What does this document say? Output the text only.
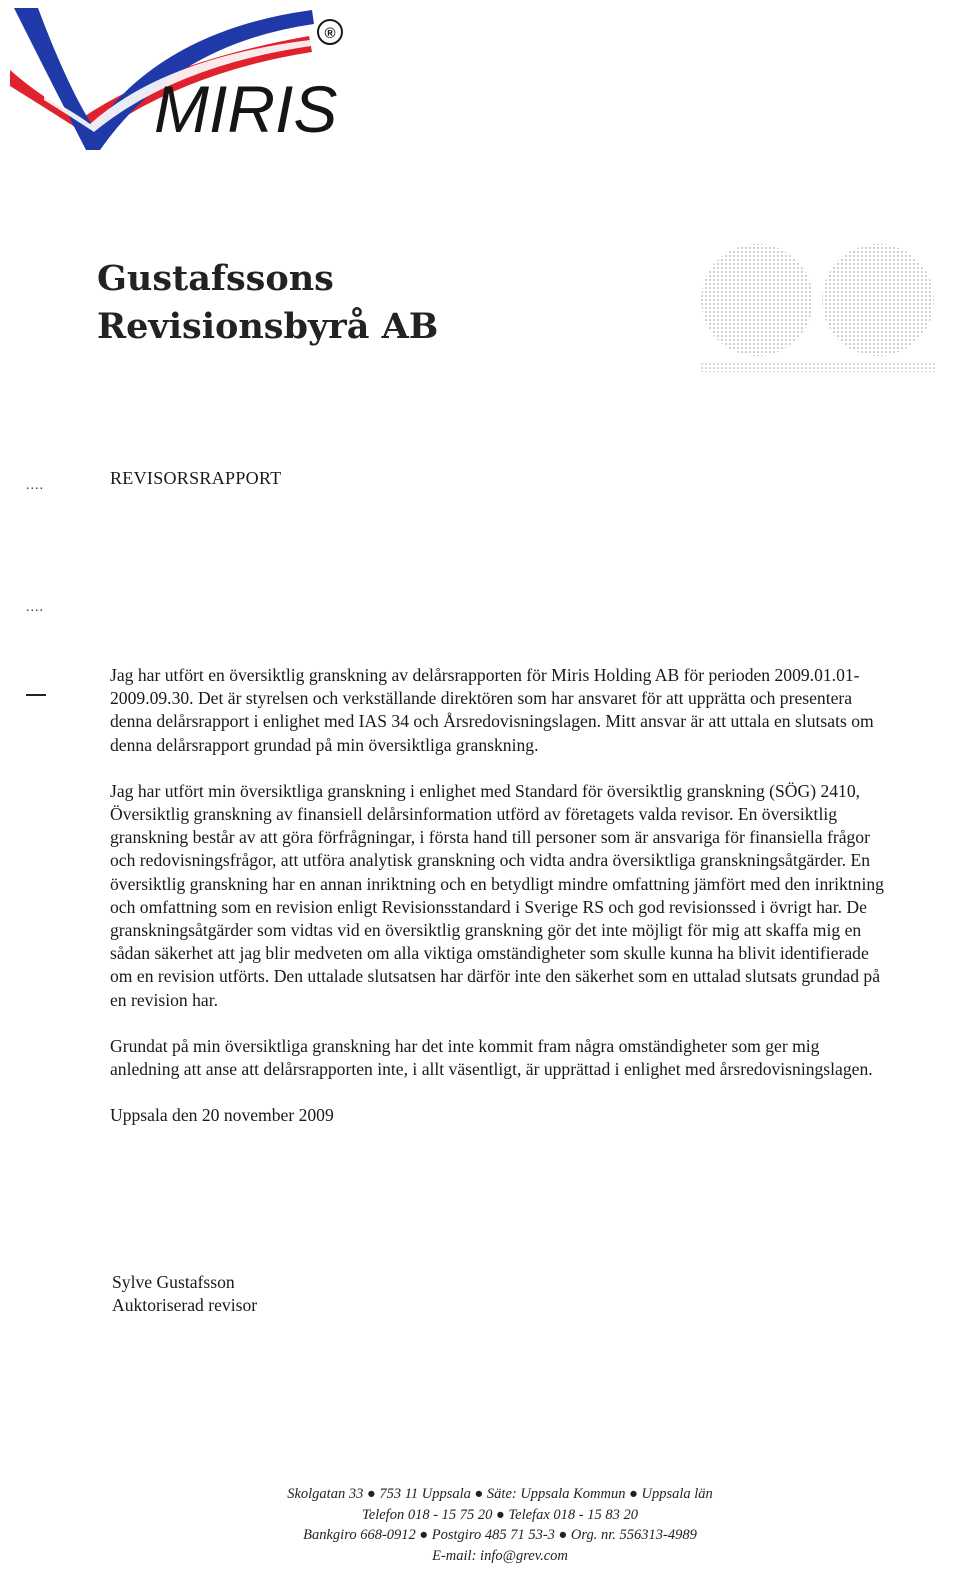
®
MIRIS
Gustafssons
Revisionsbyrå AB
....
....
REVISORSRAPPORT

Jag har utfört en översiktlig granskning av delårsrapporten för Miris Holding AB för perioden 2009.01.01-2009.09.30. Det är styrelsen och verkställande direktören som har ansvaret för att upprätta och presentera denna delårsrapport i enlighet med IAS 34 och Årsredovisningslagen. Mitt ansvar är att uttala en slutsats om denna delårsrapport grundad på min översiktliga granskning.

Jag har utfört min översiktliga granskning i enlighet med Standard för översiktlig granskning (SÖG) 2410, Översiktlig granskning av finansiell delårsinformation utförd av företagets valda revisor. En översiktlig granskning består av att göra förfrågningar, i första hand till personer som är ansvariga för finansiella frågor och redovisningsfrågor, att utföra analytisk granskning och vidta andra översiktliga granskningsåtgärder. En översiktlig granskning har en annan inriktning och en betydligt mindre omfattning jämfört med den inriktning och omfattning som en revision enligt Revisionsstandard i Sverige RS och god revisionssed i övrigt har. De granskningsåtgärder som vidtas vid en översiktlig granskning gör det inte möjligt för mig att skaffa mig en sådan säkerhet att jag blir medveten om alla viktiga omständigheter som skulle kunna ha blivit identifierade om en revision utförts. Den uttalade slutsatsen har därför inte den säkerhet som en uttalad slutsats grundad på en revision har.

Grundat på min översiktliga granskning har det inte kommit fram några omständigheter som ger mig anledning att anse att delårsrapporten inte, i allt väsentligt, är upprättad i enlighet med årsredovisningslagen.

Uppsala den 20 november 2009

Sylve Gustafsson
Auktoriserad revisor
Skolgatan 33 ● 753 11 Uppsala ● Säte: Uppsala Kommun ● Uppsala län
Telefon 018 - 15 75 20 ● Telefax 018 - 15 83 20
Bankgiro 668-0912 ● Postgiro 485 71 53-3 ● Org. nr. 556313-4989
E-mail: info@grev.com
